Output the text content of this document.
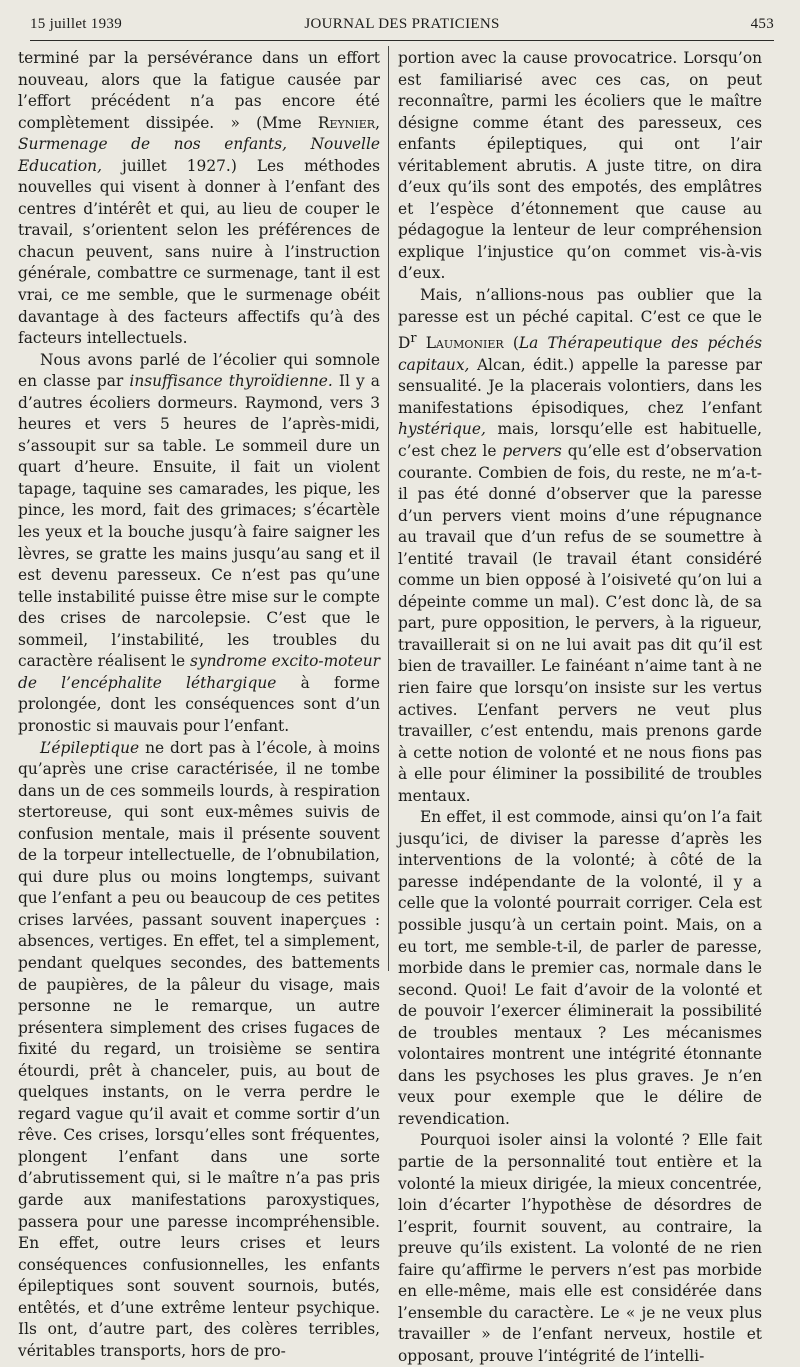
15 juillet 1939	JOURNAL DES PRATICIENS	453

terminé par la persévérance dans un effort nouveau, alors que la fatigue causée par l’effort précédent n’a pas encore été complètement dissipée. » (Mme Reynier, Surmenage de nos enfants, Nouvelle Education, juillet 1927.) Les méthodes nouvelles qui visent à donner à l’enfant des centres d’intérêt et qui, au lieu de couper le travail, s’orientent selon les préférences de chacun peuvent, sans nuire à l’instruction générale, combattre ce surmenage, tant il est vrai, ce me semble, que le surmenage obéit davantage à des facteurs affectifs qu’à des facteurs intellectuels.

Nous avons parlé de l’écolier qui somnole en classe par insuffisance thyroïdienne. Il y a d’autres écoliers dormeurs. Raymond, vers 3 heures et vers 5 heures de l’après-midi, s’assoupit sur sa table. Le sommeil dure un quart d’heure. Ensuite, il fait un violent tapage, taquine ses camarades, les pique, les pince, les mord, fait des grimaces; s’écartèle les yeux et la bouche jusqu’à faire saigner les lèvres, se gratte les mains jusqu’au sang et il est devenu paresseux. Ce n’est pas qu’une telle instabilité puisse être mise sur le compte des crises de narcolepsie. C’est que le sommeil, l’instabilité, les troubles du caractère réalisent le syndrome excito-moteur de l’encéphalite léthargique à forme prolongée, dont les conséquences sont d’un pronostic si mauvais pour l’enfant.

L’épileptique ne dort pas à l’école, à moins qu’après une crise caractérisée, il ne tombe dans un de ces sommeils lourds, à respiration stertoreuse, qui sont eux-mêmes suivis de confusion mentale, mais il présente souvent de la torpeur intellectuelle, de l’obnubilation, qui dure plus ou moins longtemps, suivant que l’enfant a peu ou beaucoup de ces petites crises larvées, passant souvent inaperçues : absences, vertiges. En effet, tel a simplement, pendant quelques secondes, des battements de paupières, de la pâleur du visage, mais personne ne le remarque, un autre présentera simplement des crises fugaces de fixité du regard, un troisième se sentira étourdi, prêt à chanceler, puis, au bout de quelques instants, on le verra perdre le regard vague qu’il avait et comme sortir d’un rêve. Ces crises, lorsqu’elles sont fréquentes, plongent l’enfant dans une sorte d’abrutissement qui, si le maître n’a pas pris garde aux manifestations paroxystiques, passera pour une paresse incompréhensible. En effet, outre leurs crises et leurs conséquences confusionnelles, les enfants épileptiques sont souvent sournois, butés, entêtés, et d’une extrême lenteur psychique. Ils ont, d’autre part, des colères terribles, véritables transports, hors de pro-

portion avec la cause provocatrice. Lorsqu’on est familiarisé avec ces cas, on peut reconnaître, parmi les écoliers que le maître désigne comme étant des paresseux, ces enfants épileptiques, qui ont l’air véritablement abrutis. A juste titre, on dira d’eux qu’ils sont des empotés, des emplâtres et l’espèce d’étonnement que cause au pédagogue la lenteur de leur compréhension explique l’injustice qu’on commet vis-à-vis d’eux.

Mais, n’allions-nous pas oublier que la paresse est un péché capital. C’est ce que le $D^r$ Laumonier (La Thérapeutique des péchés capitaux, Alcan, édit.) appelle la paresse par sensualité. Je la placerais volontiers, dans les manifestations épisodiques, chez l’enfant hystérique, mais, lorsqu’elle est habituelle, c’est chez le pervers qu’elle est d’observation courante. Combien de fois, du reste, ne m’a-t-il pas été donné d’observer que la paresse d’un pervers vient moins d’une répugnance au travail que d’un refus de se soumettre à l’entité travail (le travail étant considéré comme un bien opposé à l’oisiveté qu’on lui a dépeinte comme un mal). C’est donc là, de sa part, pure opposition, le pervers, à la rigueur, travaillerait si on ne lui avait pas dit qu’il est bien de travailler. Le fainéant n’aime tant à ne rien faire que lorsqu’on insiste sur les vertus actives. L’enfant pervers ne veut plus travailler, c’est entendu, mais prenons garde à cette notion de volonté et ne nous fions pas à elle pour éliminer la possibilité de troubles mentaux.

En effet, il est commode, ainsi qu’on l’a fait jusqu’ici, de diviser la paresse d’après les interventions de la volonté; à côté de la paresse indépendante de la volonté, il y a celle que la volonté pourrait corriger. Cela est possible jusqu’à un certain point. Mais, on a eu tort, me semble-t-il, de parler de paresse, morbide dans le premier cas, normale dans le second. Quoi! Le fait d’avoir de la volonté et de pouvoir l’exercer éliminerait la possibilité de troubles mentaux ? Les mécanismes volontaires montrent une intégrité étonnante dans les psychoses les plus graves. Je n’en veux pour exemple que le délire de revendication.

Pourquoi isoler ainsi la volonté ? Elle fait partie de la personnalité tout entière et la volonté la mieux dirigée, la mieux concentrée, loin d’écarter l’hypothèse de désordres de l’esprit, fournit souvent, au contraire, la preuve qu’ils existent. La volonté de ne rien faire qu’affirme le pervers n’est pas morbide en elle-même, mais elle est considérée dans l’ensemble du caractère. Le « je ne veux plus travailler » de l’enfant nerveux, hostile et opposant, prouve l’intégrité de l’intelli-
